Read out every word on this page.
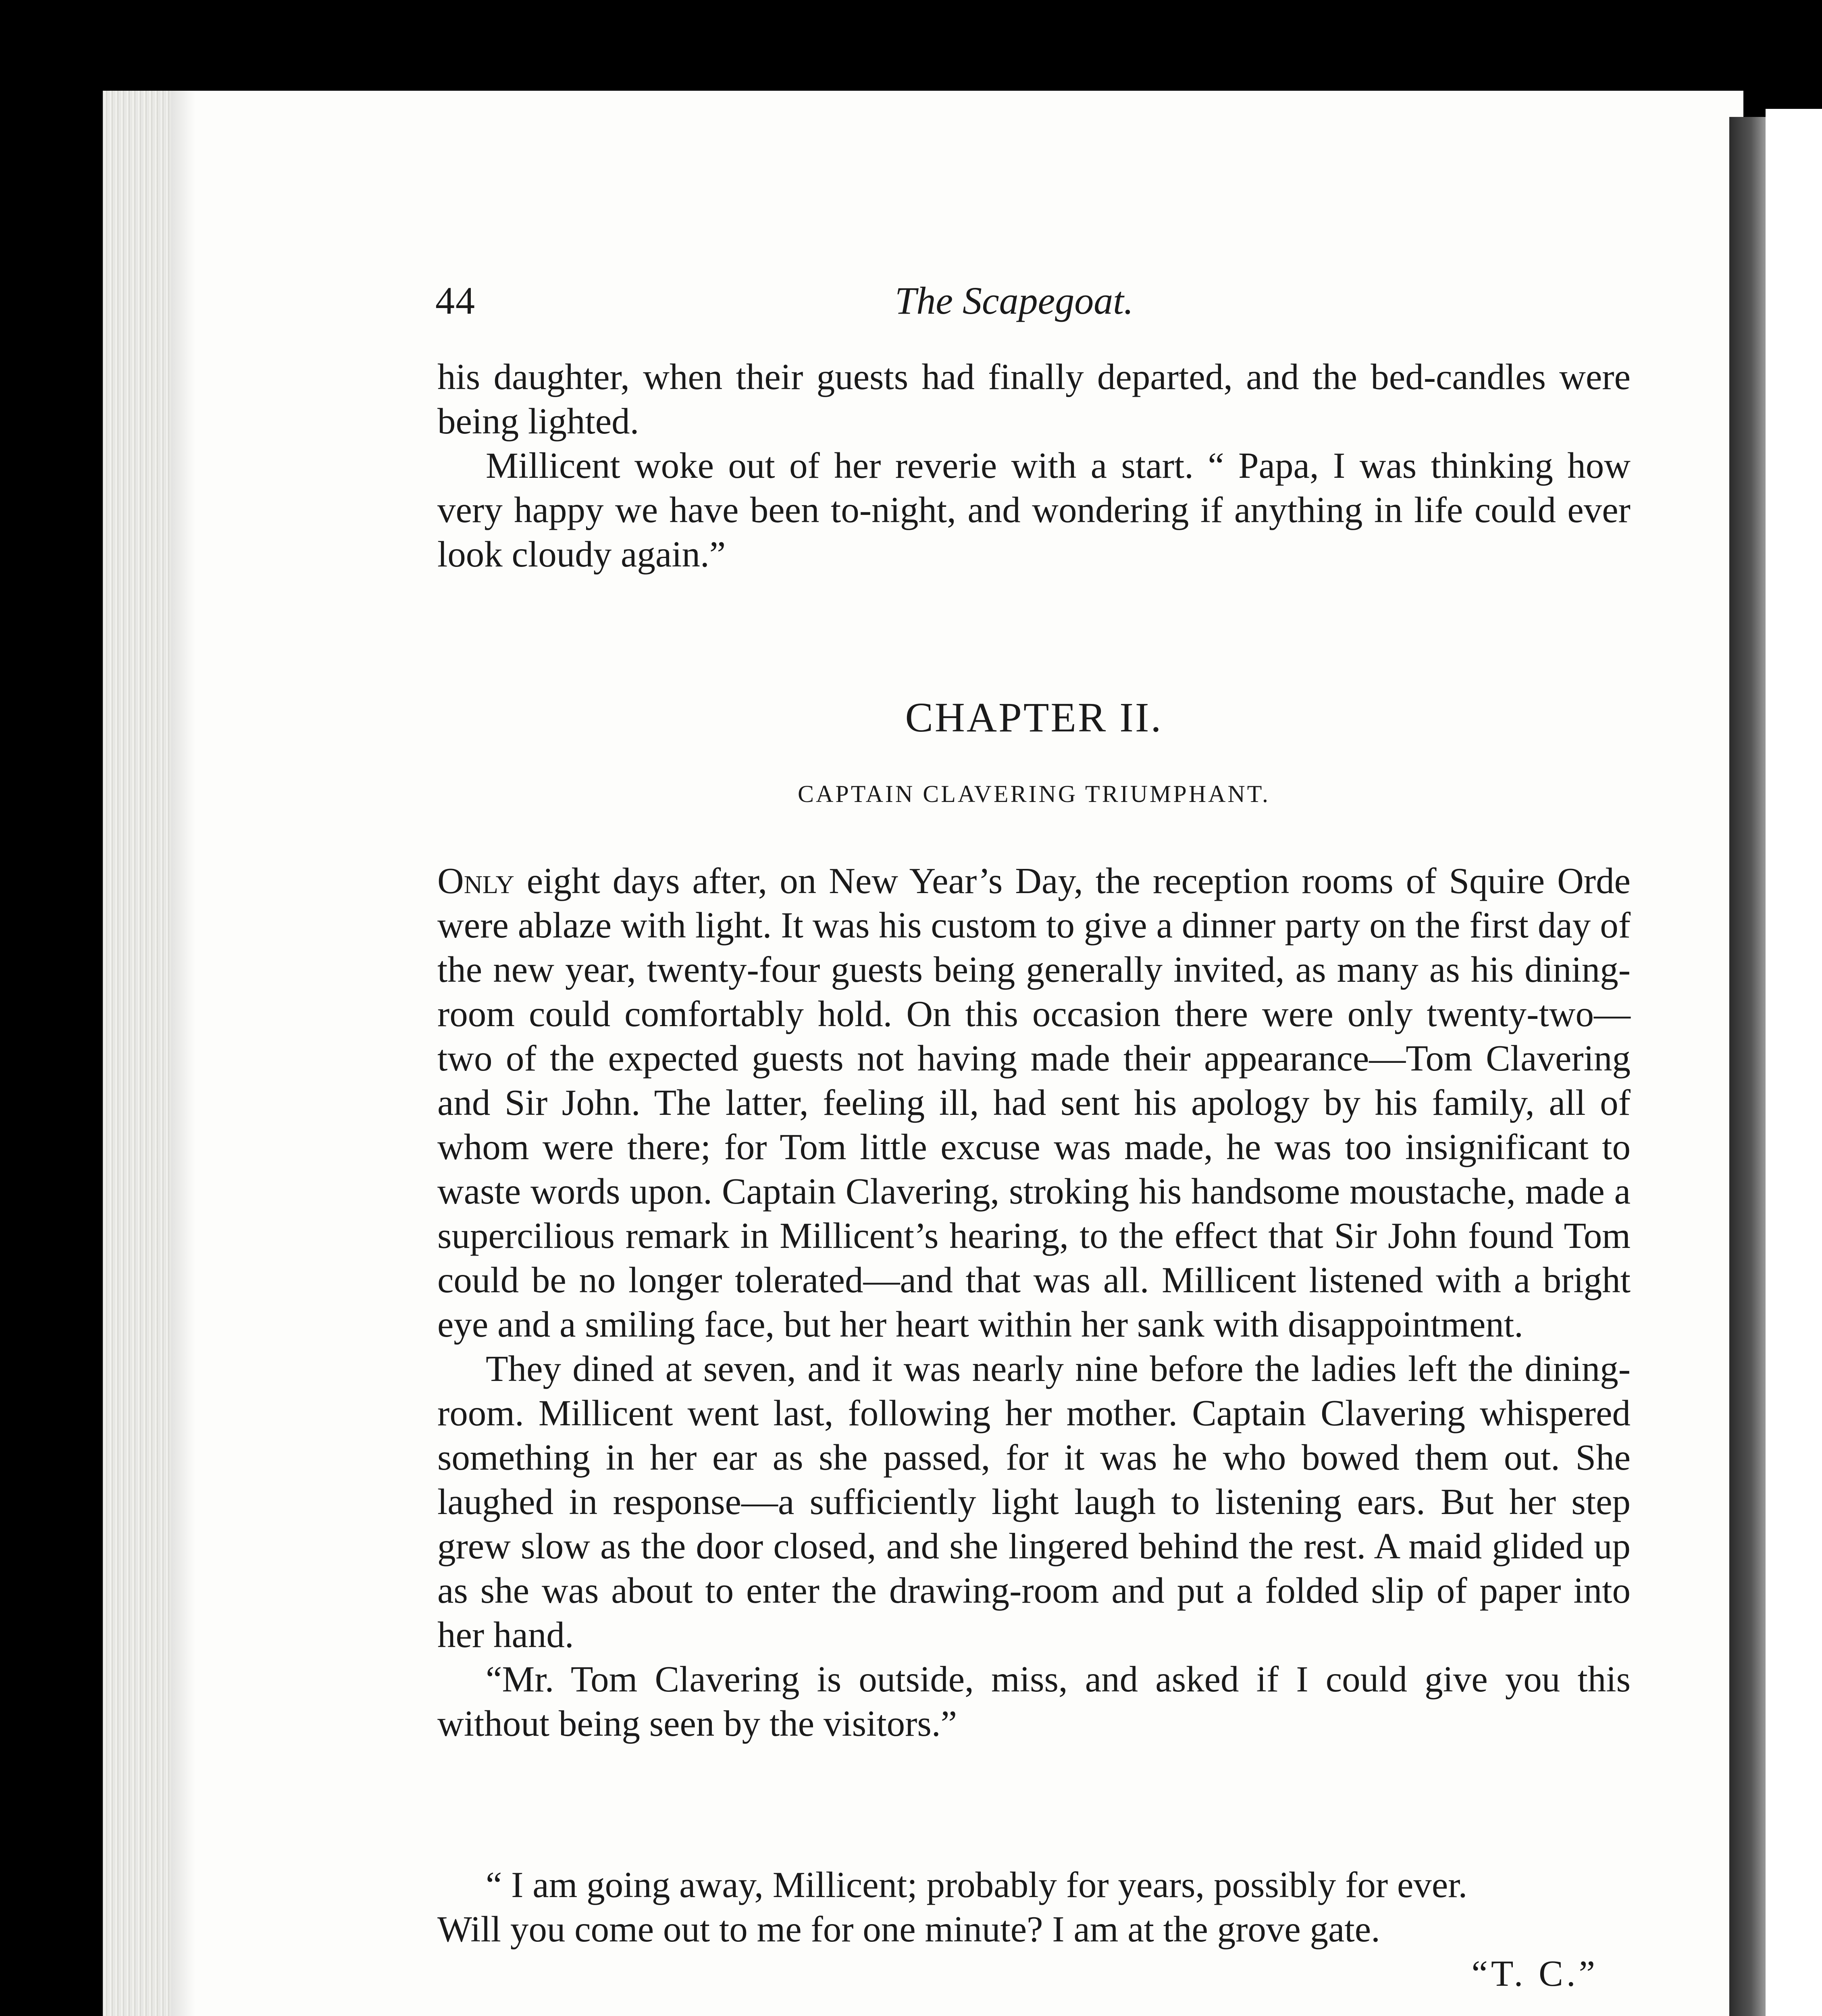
44	The Scapegoat.

his daughter, when their guests had finally departed, and the bed-candles were being lighted.

Millicent woke out of her reverie with a start. “ Papa, I was thinking how very happy we have been to-night, and wondering if anything in life could ever look cloudy again.”

CHAPTER II.
CAPTAIN CLAVERING TRIUMPHANT.

Only eight days after, on New Year’s Day, the reception rooms of Squire Orde were ablaze with light. It was his custom to give a dinner party on the first day of the new year, twenty-four guests being generally invited, as many as his dining-room could comfortably hold. On this occasion there were only twenty-two—two of the expected guests not having made their appearance—Tom Clavering and Sir John. The latter, feeling ill, had sent his apology by his family, all of whom were there; for Tom little excuse was made, he was too insignificant to waste words upon. Captain Clavering, stroking his handsome moustache, made a supercilious remark in Millicent’s hearing, to the effect that Sir John found Tom could be no longer tolerated—and that was all. Millicent listened with a bright eye and a smiling face, but her heart within her sank with disappointment.

They dined at seven, and it was nearly nine before the ladies left the dining-room. Millicent went last, following her mother. Captain Clavering whispered something in her ear as she passed, for it was he who bowed them out. She laughed in response—a sufficiently light laugh to listening ears. But her step grew slow as the door closed, and she lingered behind the rest. A maid glided up as she was about to enter the drawing-room and put a folded slip of paper into her hand.

“Mr. Tom Clavering is outside, miss, and asked if I could give you this without being seen by the visitors.”

“ I am going away, Millicent; probably for years, possibly for ever.
Will you come out to me for one minute? I am at the grove gate.
“T. C.”
